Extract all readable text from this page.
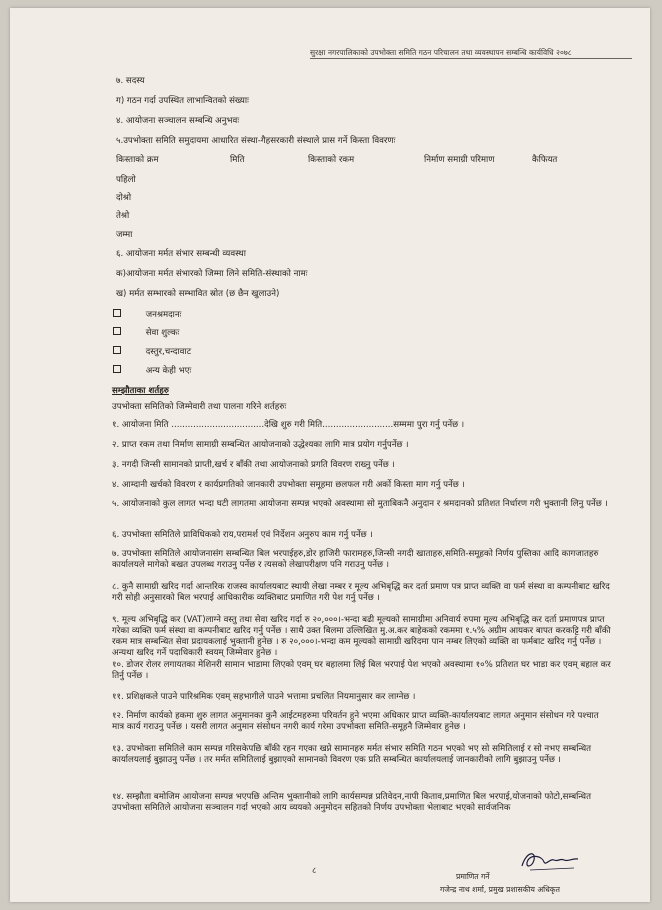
सुरक्षा नगरपालिकाको उपभोक्ता समिति गठन परिचालन तथा व्यवस्थापन सम्बन्धि कार्यविधि २०७८
७. सदस्य
ग) गठन गर्दा उपस्थित लाभान्वितको संख्याः
४. आयोजना सञ्चालन सम्बन्धि अनुभवः
५.उपभोक्ता समिति समुदायमा आधारित संस्था-गैहसरकारी संस्थाले प्रास गर्ने किस्ता विवरणः
किस्ताको क्रम	मिति	किस्ताको रकम	निर्माण समाग्री परिमाण	कैफियत
पहिलो
दोश्रो
तेश्रो
जम्मा
६. आयोजना मर्मत संभार सम्बन्धी व्यवस्था
क)आयोजना मर्मत संभारको जिम्मा लिने समिति-संस्थाको नामः
ख) मर्मत सम्भारको सम्भावित स्रोत (छ छैन खुलाउने)
जनश्रमदानः
सेवा शुल्कः
दस्तुर,चन्दावाट
अन्य केही भएः
सम्झौताका शर्तहरु
उपभोक्ता समितिको जिम्मेवारी तथा पालना गरिने शर्तहरुः
१. आयोजना मिति ..................................देखि शुरु गरी मिति..........................सम्ममा पुरा गर्नु पर्नेछ ।
२. प्राप्त रकम तथा निर्माण सामाग्री सम्बन्धित आयोजनाको उद्धेश्यका लागि मात्र प्रयोग गर्नुपर्नेछ ।
३. नगदी जिन्सी सामानको प्राप्ती,खर्च र बाँकी तथा आयोजनाको प्रगति विवरण राख्नु पर्नेछ ।
४. आम्दानी खर्चको विवरण र कार्यप्रगतिको जानकारी उपभोक्ता समूहमा छलफल गरी अर्को किस्ता माग गर्नु पर्नेछ ।
५. आयोजनाको कुल लागत भन्दा घटी लागतमा आयोजना सम्पन्न भएको अवस्थामा सो मुताबिकनै अनुदान र श्रमदानको प्रतिशत निर्धारण गरी भुक्तानी लिनु पर्नेछ ।
६. उपभोक्ता समितिले प्राविधिकको राय,परामर्श एवं निर्देशन अनुरुप काम गर्नु पर्नेछ ।
७. उपभोक्ता समितिले आयोजनासंग सम्बन्धित बिल भरपाईहरु,डोर हाजिरी फारामहरु,जिन्सी नगदी खाताहरु,समिति-समूहको निर्णय पुस्तिका आदि कागजातहरु कार्यालयले मागेको बखत उपलब्ध गराउनु पर्नेछ र त्यसको लेखापरीक्षण पनि गराउनु पर्नेछ ।
८. कुनै सामाग्री खरिद गर्दा आन्तरिक राजस्व कार्यालयबाट स्थायी लेखा नम्बर र मूल्य अभिबृद्धि कर दर्ता प्रमाण पत्र प्राप्त व्यक्ति वा फर्म संस्था वा कम्पनीबाट खरिद गरी सोही अनुसारको बिल भरपाई आधिकारीक व्यक्तिबाट प्रमाणित गरी पेश गर्नु पर्नेछ ।
९. मूल्य अभिबृद्धि कर (VAT)लाग्ने वस्तु तथा सेवा खरिद गर्दा रु २०,०००।-भन्दा बढी मूल्यको सामाग्रीमा अनिवार्य रुपमा मूल्य अभिबृद्धि कर दर्ता प्रमाणपत्र प्राप्त गरेका व्यक्ति फर्म संस्था वा कम्पनीबाट खरिद गर्नु पर्नेछ । साथै उक्त बिलमा उल्लिखित मु.अ.कर बाहेकको रकममा १.५% अग्रीम आयकर बापत करकट्टि गरी बाँकी रकम मात्र सम्बन्धित सेवा प्रदायकलाई भुक्तानी हुनेछ । रु २०,०००।-भन्दा कम मूल्यको सामाग्री खरिदमा पान नम्बर लिएको व्यक्ति वा फर्मबाट खरिद गर्नु पर्नेछ । अन्यथा खरिद गर्ने पदाधिकारी स्वयम् जिम्मेवार हुनेछ ।
१०. डोजर रोलर लगायतका मेशिनरी सामान भाडामा लिएको एवम् घर बहालमा लिई बिल भरपाई पेश भएको अवस्थामा १०% प्रतिशत घर भाडा कर एवम् बहाल कर तिर्नु पर्नेछ ।
११. प्रशिक्षकले पाउने पारिश्रमिक एवम् सहभागीले पाउने भत्तामा प्रचलित नियमानुसार कर लाग्नेछ ।
१२. निर्माण कार्यको हकमा शुरु लागत अनुमानका कुनै आईटमहरुमा परिवर्तन हुने भएमा अधिकार प्राप्त व्यक्ति-कार्यालयबाट लागत अनुमान संसोधन गरे पश्चात मात्र कार्य गराउनु पर्नेछ । यसरी लागत अनुमान संसोधन नगरी कार्य गरेमा उपभोक्ता समिति-समूहनै जिम्मेवार हुनेछ ।
१३. उपभोक्ता समितिले काम सम्पन्न गरिसकेपछि बाँकी रहन गएका खप्ने सामानहरु मर्मत संभार समिति गठन भएको भए सो समितिलाई र सो नभए सम्बन्धित कार्यालयलाई बुझाउनु पर्नेछ । तर मर्मत समितिलाई बुझाएको सामानको विवरण एक प्रति सम्बन्धित कार्यालयलाई जानकारीको लागि बुझाउनु पर्नेछ ।
१४. सम्झौता बमोजिम आयोजना सम्पन्न भएपछि अन्तिम भुक्तानीको लागि कार्यसम्पन्न प्रतिवेदन,नापी किताव,प्रमाणित बिल भरपाई,योजनाको फोटो,सम्बन्धित उपभोक्ता समितिले आयोजना सञ्चालन गर्दा भएको आय व्ययको अनुमोदन सहितको निर्णय उपभोक्ता भेलाबाट भएको सार्वजनिक
८
प्रमाणित गर्ने
गजेन्द्र नाथ शर्मा, प्रमुख प्रशासकीय अधिकृत
